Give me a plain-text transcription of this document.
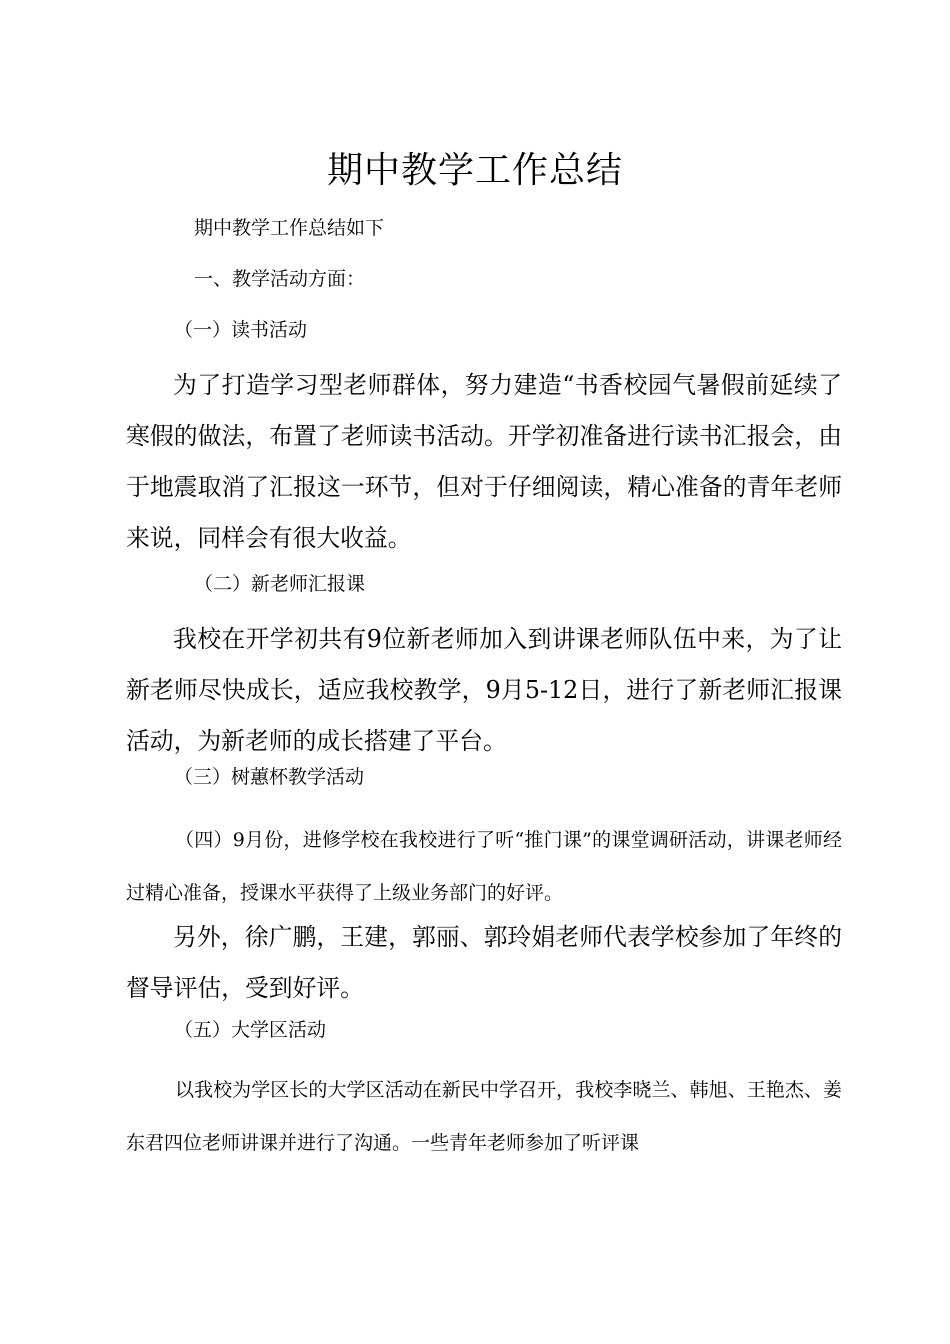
期中教学工作总结

期中教学工作总结如下

一、教学活动方面：

（一）读书活动

为了打造学习型老师群体，努力建造“书香校园气暑假前延续了寒假的做法，布置了老师读书活动。开学初准备进行读书汇报会，由于地震取消了汇报这一环节，但对于仔细阅读，精心准备的青年老师来说，同样会有很大收益。

（二）新老师汇报课

我校在开学初共有9位新老师加入到讲课老师队伍中来，为了让新老师尽快成长，适应我校教学，9月5-12日，进行了新老师汇报课活动，为新老师的成长搭建了平台。

（三）树蕙杯教学活动

（四）9月份，进修学校在我校进行了听“推门课”的课堂调研活动，讲课老师经过精心准备，授课水平获得了上级业务部门的好评。

另外，徐广鹏，王建，郭丽、郭玲娟老师代表学校参加了年终的督导评估，受到好评。

（五）大学区活动

以我校为学区长的大学区活动在新民中学召开，我校李晓兰、韩旭、王艳杰、姜东君四位老师讲课并进行了沟通。一些青年老师参加了听评课
